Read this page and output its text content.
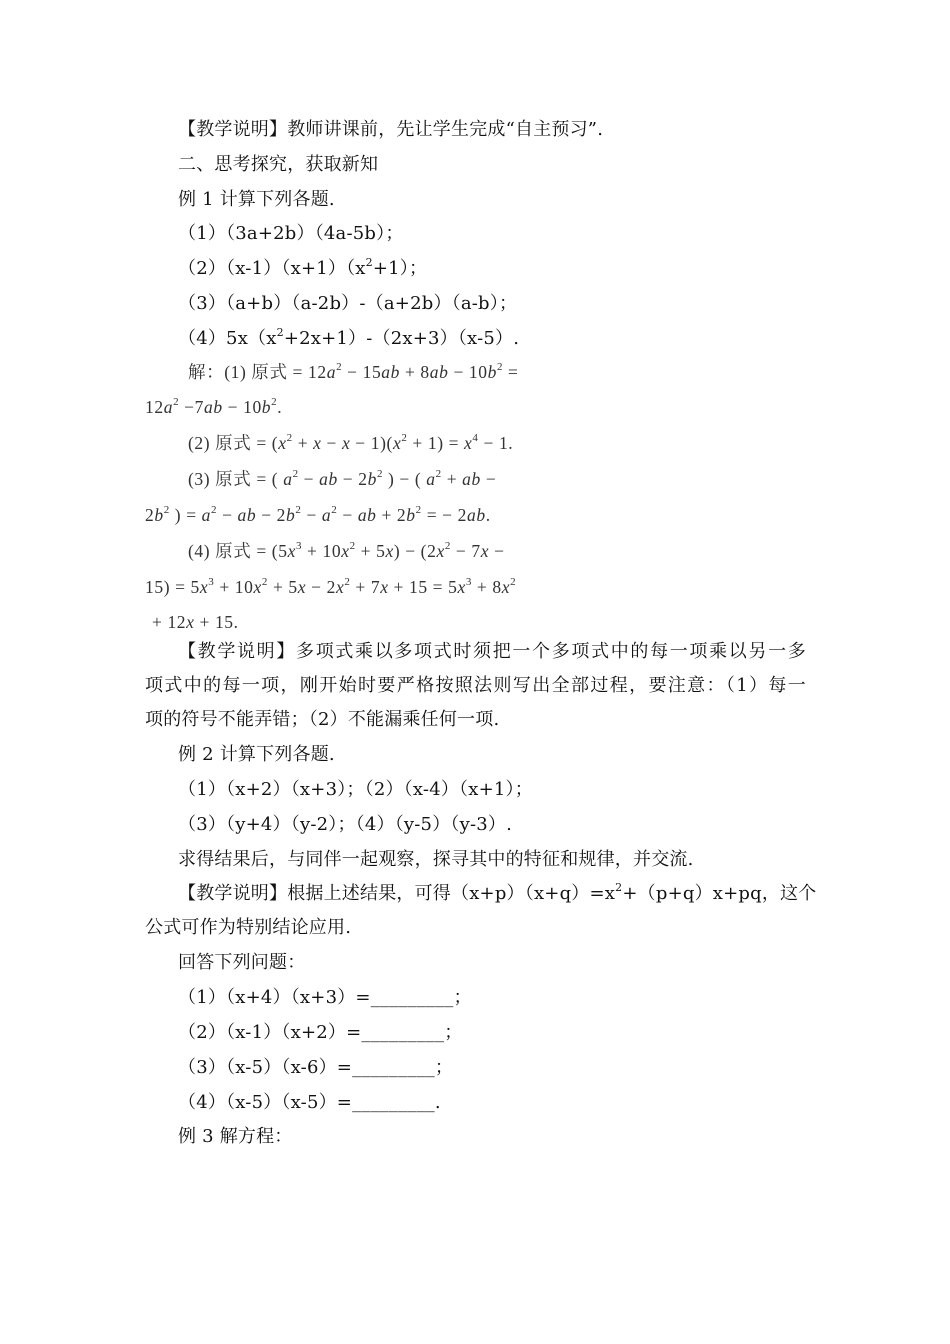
【教学说明】教师讲课前，先让学生完成“自主预习”.
二、思考探究，获取新知
例 1 计算下列各题.
（1）（3a+2b）（4a-5b）；
$(2)(x-1)(x+1)(x^2+1)$；
（3）（a+b）（a-2b）-（a+2b）（a-b）；
$(4)5x(x^2+2x+1)-(2x+3)(x-5)$.
解：(1) 原式 = $12a^2 - 15ab + 8ab - 10b^2$ =
$12a^2 -7ab - 10b^2$.
(2) 原式 = $(x^2 + x - x - 1)(x^2 + 1) = x^4 - 1$.
(3) 原式 = ( $a^2$ − ab − $2b^2$ ) − ( $a^2$ + ab −
$2b^2$ ) = $a^2$ − ab − $2b^2 - a^2$ − ab + $2b^2$ = − 2ab.
(4) 原式 = $(5x^3 + 10x^2 + 5x) - (2x^2 - 7x$ −
$15) = 5x^3 + 10x^2 + 5x - 2x^2 + 7x + 15 = 5x^3 + 8x^2$
+ 12x + 15.
【教学说明】多项式乘以多项式时须把一个多项式中的每一项乘以另一多
项式中的每一项，刚开始时要严格按照法则写出全部过程，要注意：（1）每一
项的符号不能弄错；（2）不能漏乘任何一项.
例 2 计算下列各题.
（1）（x+2）（x+3）；（2）（x-4）（x+1）；
（3）（y+4）（y-2）；（4）（y-5）（y-3）.
求得结果后，与同伴一起观察，探寻其中的特征和规律，并交流.
【教学说明】根据上述结果，可得$(x+p)(x+q)=x^2+(p+q)x+pq$，这个
公式可作为特别结论应用.
回答下列问题：
（1）（x+4）（x+3）=_________；
（2）（x-1）（x+2）=_________；
（3）（x-5）（x-6）=_________；
（4）（x-5）（x-5）=_________.
例 3 解方程：
